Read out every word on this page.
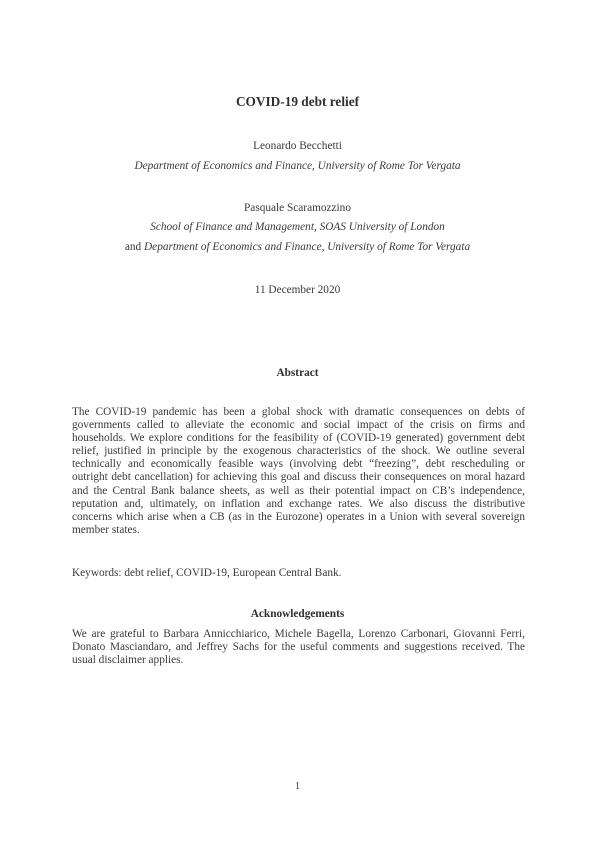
COVID-19 debt relief
Leonardo Becchetti
Department of Economics and Finance, University of Rome Tor Vergata
Pasquale Scaramozzino
School of Finance and Management, SOAS University of London
and Department of Economics and Finance, University of Rome Tor Vergata
11 December 2020
Abstract
The COVID-19 pandemic has been a global shock with dramatic consequences on debts of governments called to alleviate the economic and social impact of the crisis on firms and households. We explore conditions for the feasibility of (COVID-19 generated) government debt relief, justified in principle by the exogenous characteristics of the shock. We outline several technically and economically feasible ways (involving debt “freezing”, debt rescheduling or outright debt cancellation) for achieving this goal and discuss their consequences on moral hazard and the Central Bank balance sheets, as well as their potential impact on CB’s independence, reputation and, ultimately, on inflation and exchange rates. We also discuss the distributive concerns which arise when a CB (as in the Eurozone) operates in a Union with several sovereign member states.
Keywords: debt relief, COVID-19, European Central Bank.
Acknowledgements
We are grateful to Barbara Annicchiarico, Michele Bagella, Lorenzo Carbonari, Giovanni Ferri, Donato Masciandaro, and Jeffrey Sachs for the useful comments and suggestions received. The usual disclaimer applies.
1
